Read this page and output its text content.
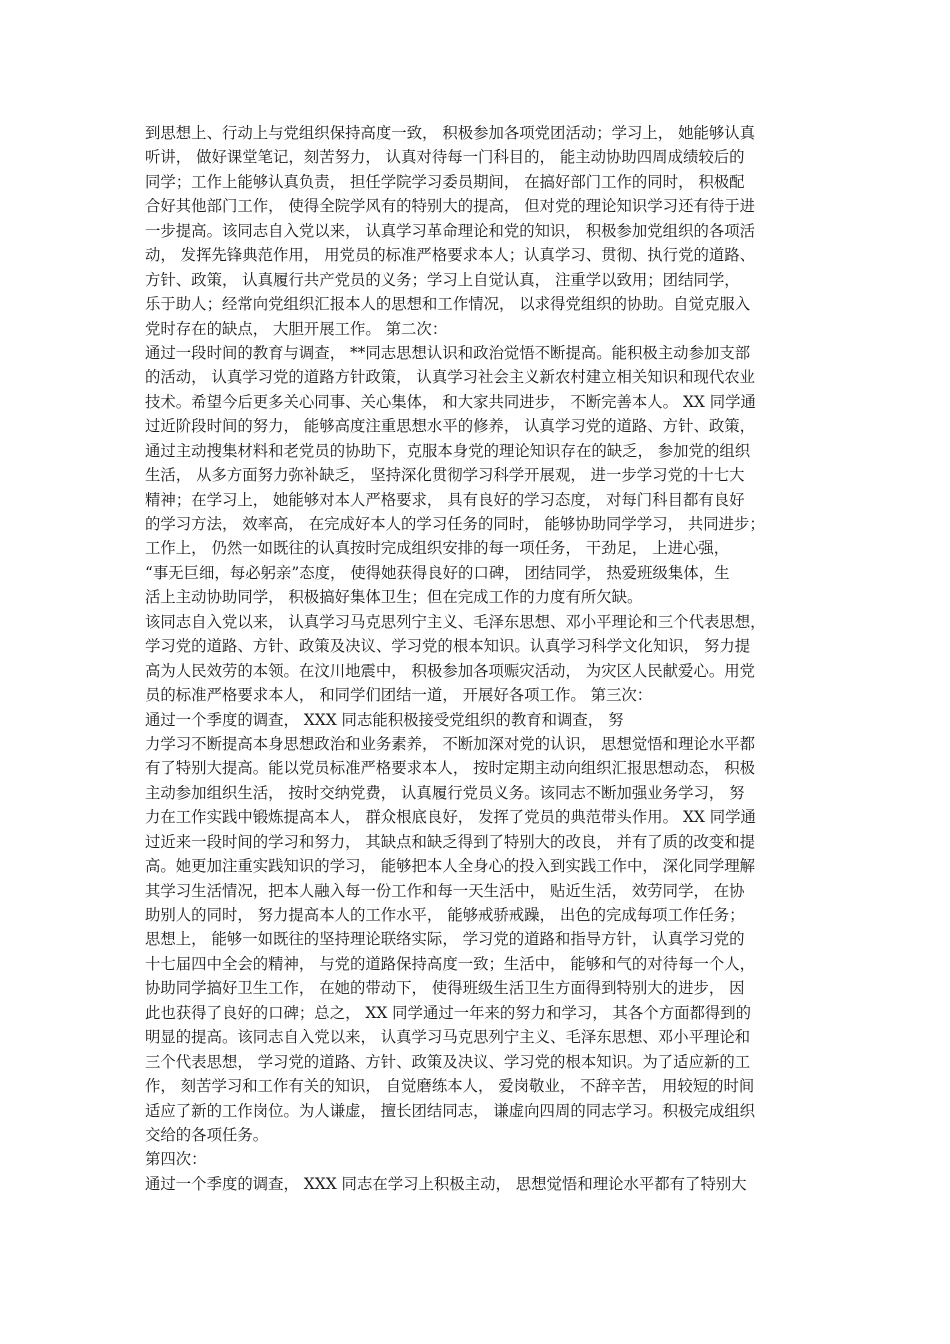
到思想上、行动上与党组织保持高度一致， 积极参加各项党团活动；学习上， 她能够认真
听讲， 做好课堂笔记，刻苦努力， 认真对待每一门科目的， 能主动协助四周成绩较后的
同学；工作上能够认真负责， 担任学院学习委员期间， 在搞好部门工作的同时， 积极配
合好其他部门工作， 使得全院学风有的特别大的提高， 但对党的理论知识学习还有待于进
一步提高。该同志自入党以来， 认真学习革命理论和党的知识， 积极参加党组织的各项活
动， 发挥先锋典范作用， 用党员的标准严格要求本人；认真学习、贯彻、执行党的道路、
方针、政策， 认真履行共产党员的义务；学习上自觉认真， 注重学以致用；团结同学，
乐于助人；经常向党组织汇报本人的思想和工作情况， 以求得党组织的协助。自觉克服入
党时存在的缺点， 大胆开展工作。 第二次：
通过一段时间的教育与调查， **同志思想认识和政治觉悟不断提高。能积极主动参加支部
的活动， 认真学习党的道路方针政策， 认真学习社会主义新农村建立相关知识和现代农业
技术。希望今后更多关心同事、关心集体， 和大家共同进步， 不断完善本人。 XX 同学通
过近阶段时间的努力， 能够高度注重思想水平的修养， 认真学习党的道路、方针、政策，
通过主动搜集材料和老党员的协助下，克服本身党的理论知识存在的缺乏， 参加党的组织
生活， 从多方面努力弥补缺乏， 坚持深化贯彻学习科学开展观， 进一步学习党的十七大
精神；在学习上， 她能够对本人严格要求， 具有良好的学习态度， 对每门科目都有良好
的学习方法， 效率高， 在完成好本人的学习任务的同时， 能够协助同学学习， 共同进步；
工作上， 仍然一如既往的认真按时完成组织安排的每一项任务， 干劲足， 上进心强，
“事无巨细，每必躬亲”态度， 使得她获得良好的口碑， 团结同学， 热爱班级集体，生
活上主动协助同学， 积极搞好集体卫生；但在完成工作的力度有所欠缺。
该同志自入党以来， 认真学习马克思列宁主义、毛泽东思想、邓小平理论和三个代表思想，
学习党的道路、方针、政策及决议、学习党的根本知识。认真学习科学文化知识， 努力提
高为人民效劳的本领。在汶川地震中， 积极参加各项赈灾活动， 为灾区人民献爱心。用党
员的标准严格要求本人， 和同学们团结一道， 开展好各项工作。 第三次：
通过一个季度的调查， XXX 同志能积极接受党组织的教育和调查， 努
力学习不断提高本身思想政治和业务素养， 不断加深对党的认识， 思想觉悟和理论水平都
有了特别大提高。能以党员标准严格要求本人， 按时定期主动向组织汇报思想动态， 积极
主动参加组织生活， 按时交纳党费， 认真履行党员义务。该同志不断加强业务学习， 努
力在工作实践中锻炼提高本人， 群众根底良好， 发挥了党员的典范带头作用。 XX 同学通
过近来一段时间的学习和努力， 其缺点和缺乏得到了特别大的改良， 并有了质的改变和提
高。她更加注重实践知识的学习， 能够把本人全身心的投入到实践工作中， 深化同学理解
其学习生活情况，把本人融入每一份工作和每一天生活中， 贴近生活， 效劳同学， 在协
助别人的同时， 努力提高本人的工作水平， 能够戒骄戒躁， 出色的完成每项工作任务；
思想上， 能够一如既往的坚持理论联络实际， 学习党的道路和指导方针， 认真学习党的
十七届四中全会的精神， 与党的道路保持高度一致；生活中， 能够和气的对待每一个人，
协助同学搞好卫生工作， 在她的带动下， 使得班级生活卫生方面得到特别大的进步， 因
此也获得了良好的口碑；总之， XX 同学通过一年来的努力和学习， 其各个方面都得到的
明显的提高。该同志自入党以来， 认真学习马克思列宁主义、毛泽东思想、邓小平理论和
三个代表思想， 学习党的道路、方针、政策及决议、学习党的根本知识。为了适应新的工
作， 刻苦学习和工作有关的知识， 自觉磨练本人， 爱岗敬业， 不辞辛苦， 用较短的时间
适应了新的工作岗位。为人谦虚， 擅长团结同志， 谦虚向四周的同志学习。积极完成组织
交给的各项任务。
第四次：
通过一个季度的调查， XXX 同志在学习上积极主动， 思想觉悟和理论水平都有了特别大
